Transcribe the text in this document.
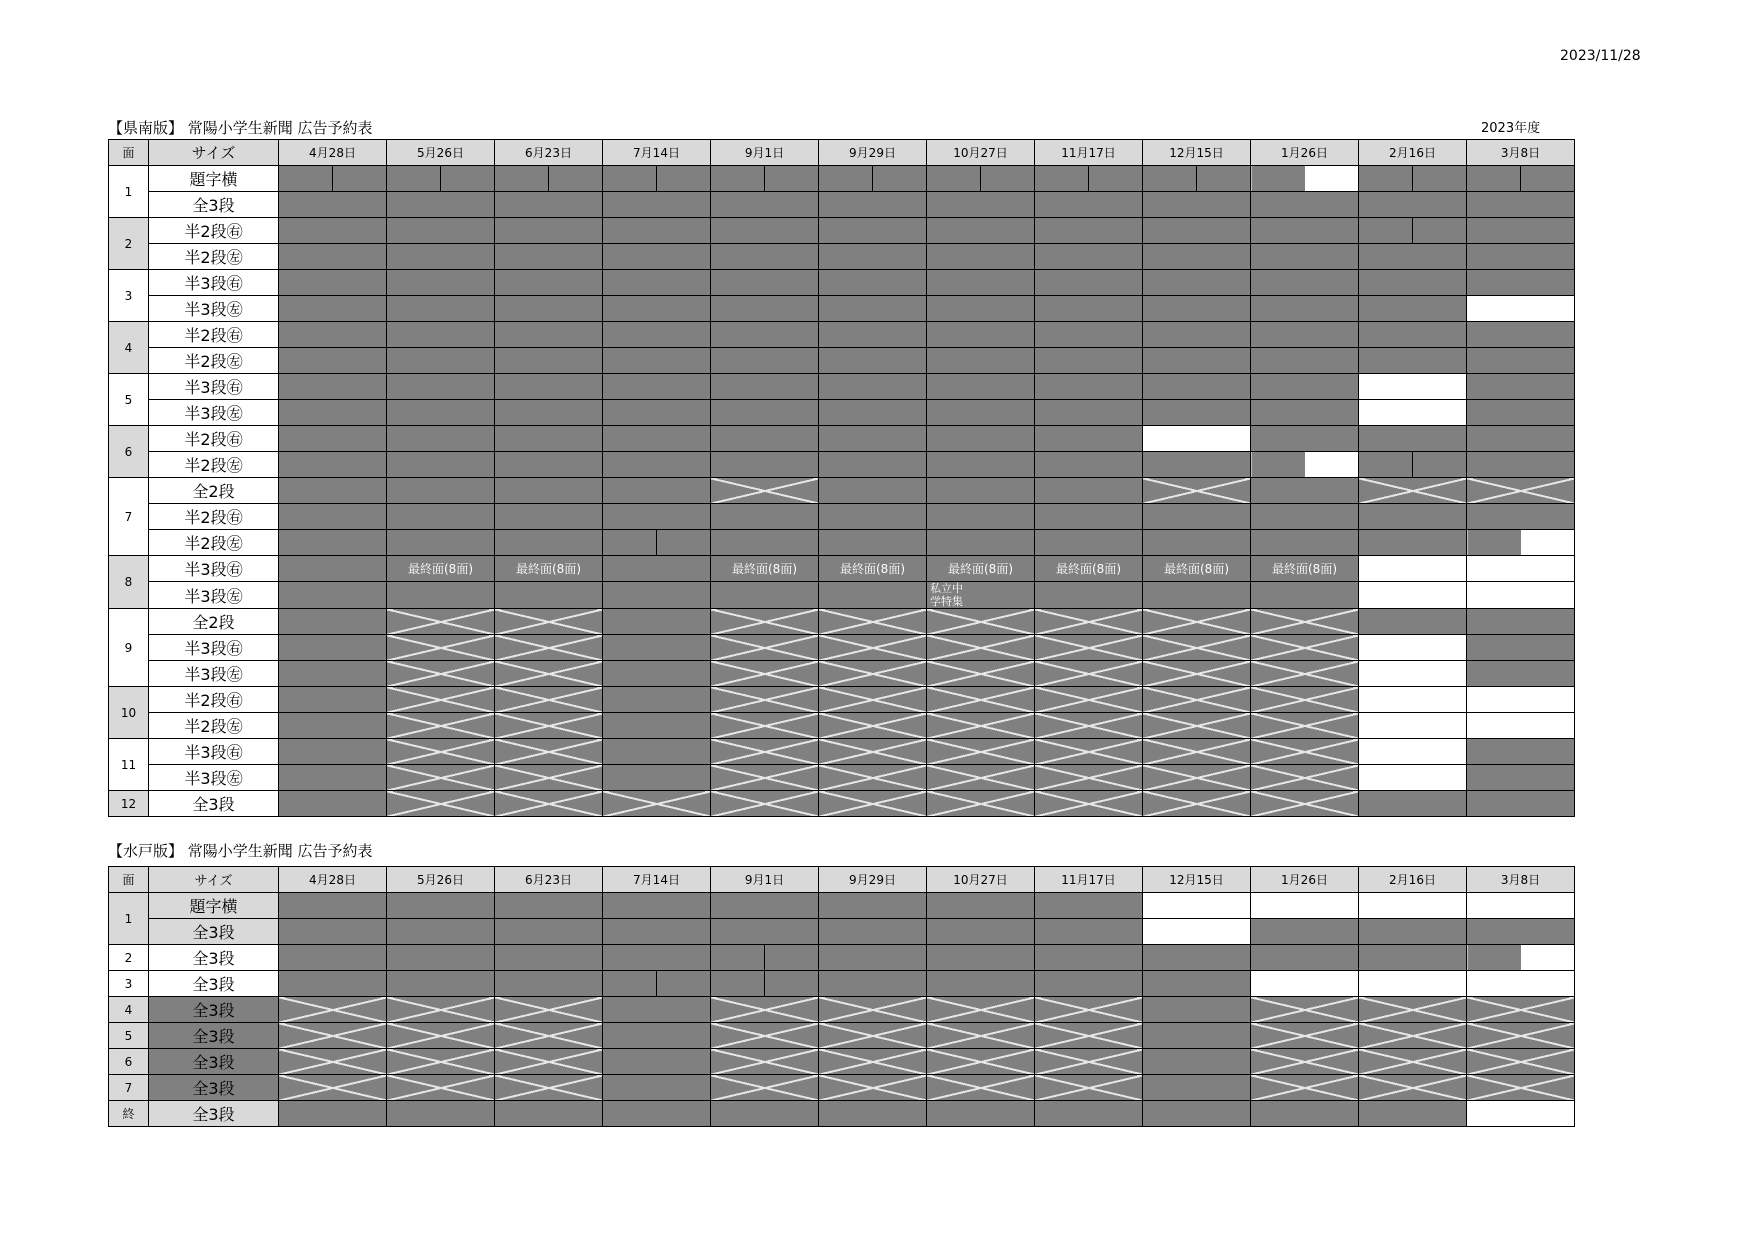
2023/11/28
【県南版】 常陽小学生新聞 広告予約表	2023年度
面	サイズ	4月28日	5月26日	6月23日	7月14日	9月1日	9月29日	10月27日	11月17日	12月15日	1月26日	2月16日	3月8日
1	題字横												
	全3段												
2	半2段㊨												
	半2段㊧												
3	半3段㊨												
	半3段㊧												
4	半2段㊨												
	半2段㊧												
5	半3段㊨												
	半3段㊧												
6	半2段㊨												
	半2段㊧												
7	全2段												
	半2段㊨												
	半2段㊧												
8	半3段㊨		最終面(8面)	最終面(8面)		最終面(8面)	最終面(8面)	最終面(8面)	最終面(8面)	最終面(8面)	最終面(8面)		
	半3段㊧							私立中
学特集					
9	全2段												
	半3段㊨												
	半3段㊧												
10	半2段㊨												
	半2段㊧												
11	半3段㊨												
	半3段㊧												
12	全3段												
【水戸版】 常陽小学生新聞 広告予約表
面	サイズ	4月28日	5月26日	6月23日	7月14日	9月1日	9月29日	10月27日	11月17日	12月15日	1月26日	2月16日	3月8日
1	題字横												
	全3段												
2	全3段												
3	全3段												
4	全3段												
5	全3段												
6	全3段												
7	全3段												
終	全3段												
